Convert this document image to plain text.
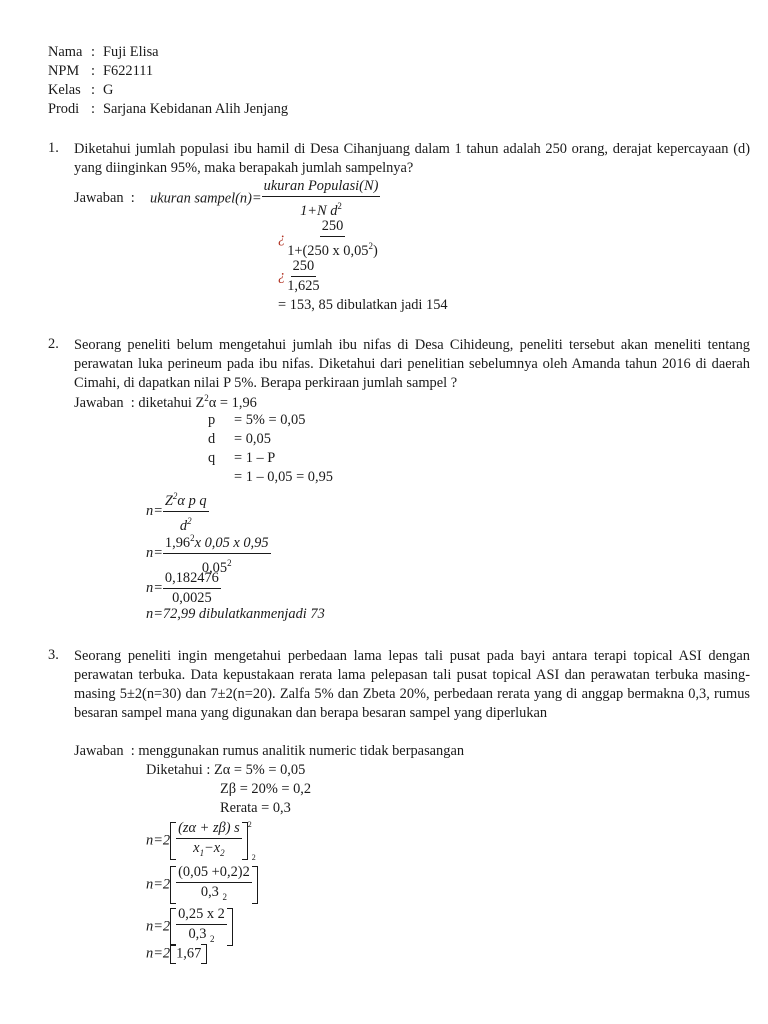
Nama : Fuji Elisa
NPM : F622111
Kelas : G
Prodi : Sarjana Kebidanan Alih Jenjang
1. Diketahui jumlah populasi ibu hamil di Desa Cihanjuang dalam 1 tahun adalah 250 orang, derajat kepercayaan (d) yang diinginkan 95%, maka berapakah jumlah sampelnya?
Jawaban  : ukuran sampel(n)= $\frac{\text{ukuran Populasi(N)}}{1+N d^2}$
¿ $\frac{250}{1+(250 x 0,05^2)}$
¿ $\frac{250}{1,625}$
= 153, 85 dibulatkan jadi 154
2. Seorang peneliti belum mengetahui jumlah ibu nifas di Desa Cihideung, peneliti tersebut akan meneliti tentang perawatan luka perineum pada ibu nifas. Diketahui dari penelitian sebelumnya oleh Amanda tahun 2016 di daerah Cimahi, di dapatkan nilai P 5%. Berapa perkiraan jumlah sampel ?
Jawaban  : diketahui $Z^2\alpha = 1,96$
p = 5% = 0,05
d = 0,05
q = 1 – P
= 1 – 0,05 = 0,95
$n= \frac{Z^2\alpha p q}{d^2}$
$n= \frac{1,96^2x 0,05 x 0,95}{0,05^2}$
$n= \frac{0,182476}{0,0025}$
n=72,99 dibulatkanmenjadi 73
3. Seorang peneliti ingin mengetahui perbedaan lama lepas tali pusat pada bayi antara terapi topical ASI dengan perawatan terbuka. Data kepustakaan rerata lama pelepasan tali pusat topical ASI dan perawatan terbuka masing-masing 5±2(n=30) dan 7±2(n=20). Zalfa 5% dan Zbeta 20%, perbedaan rerata yang di anggap bermakna 0,3, rumus besaran sampel mana yang digunakan dan berapa besaran sampel yang diperlukan
Jawaban  : menggunakan rumus analitik numeric tidak berpasangan
Diketahui : Zα = 5% = 0,05
Zβ = 20% = 0,2
Rerata = 0,3
$n=2 \frac{(z\alpha + z\beta) s}{x_1-x_2} ^22$
$n=2 \frac{(0,05 +0,2)2}{0,3 _2}$
$n=2 \frac{0,25 x 2}{0,3 _2}$
n=2 1,67
